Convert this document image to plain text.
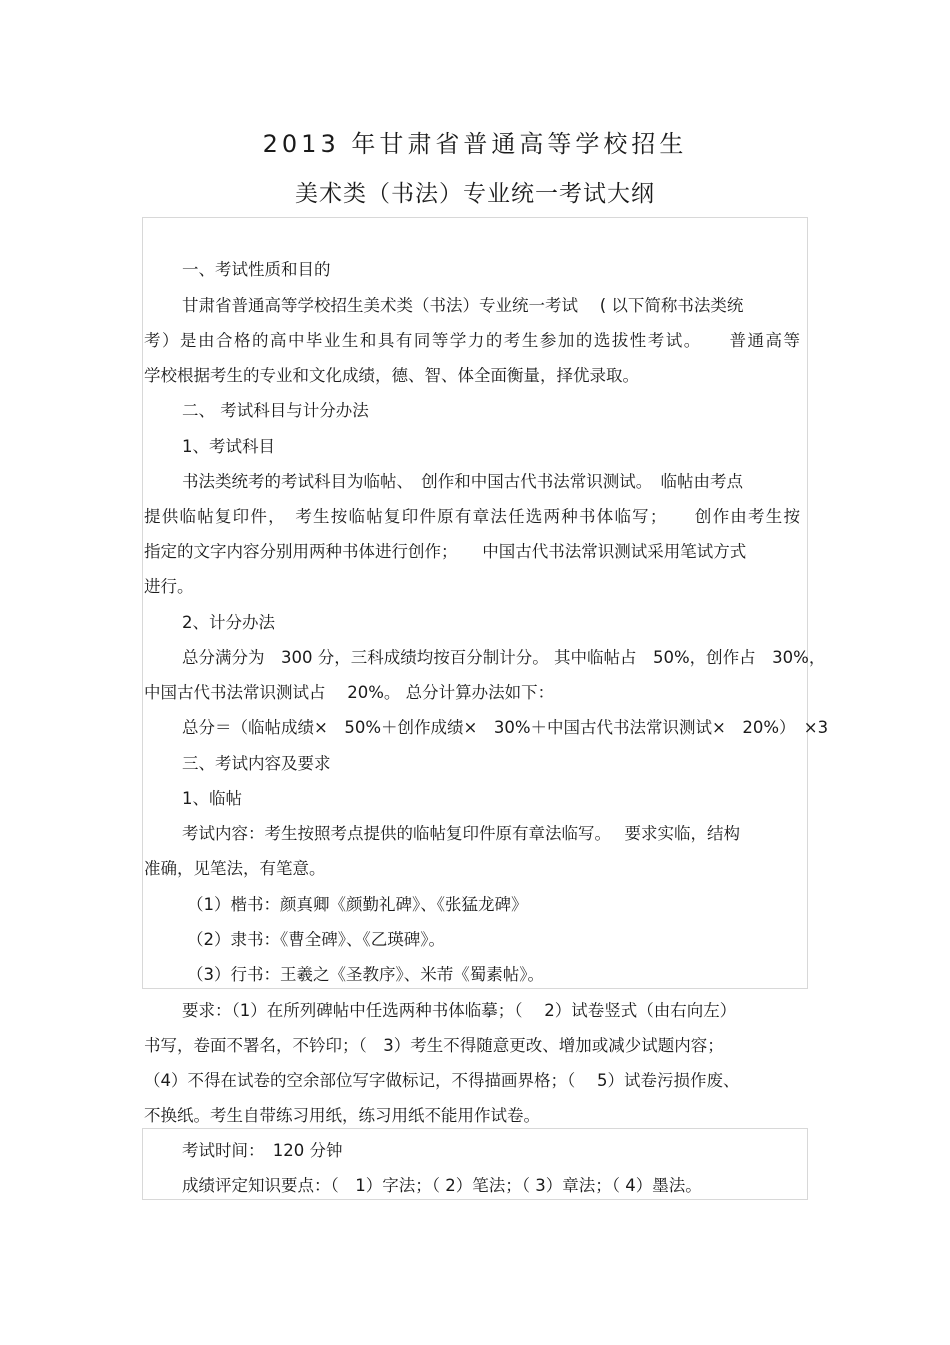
2013 年甘肃省普通高等学校招生
美术类（书法）专业统一考试大纲
一、考试性质和目的
甘肃省普通高等学校招生美术类（书法）专业统一考试　 ( 以下简称书法类统
考）是由合格的高中毕业生和具有同等学力的考生参加的选拔性考试。　　普通高等
学校根据考生的专业和文化成绩，德、智、体全面衡量，择优录取。
二、 考试科目与计分办法
1、考试科目
书法类统考的考试科目为临帖、　创作和中国古代书法常识测试。　临帖由考点
提供临帖复印件，　考生按临帖复印件原有章法任选两种书体临写；　　创作由考生按
指定的文字内容分别用两种书体进行创作；　　中国古代书法常识测试采用笔试方式
进行。
2、计分办法
总分满分为　300 分，三科成绩均按百分制计分。 其中临帖占　50%，创作占　30%，
中国古代书法常识测试占　 20%。 总分计算办法如下：
总分＝（临帖成绩×　50%＋创作成绩×　30%＋中国古代书法常识测试×　20%）　×3
三、考试内容及要求
1、临帖
考试内容：考生按照考点提供的临帖复印件原有章法临写。　 要求实临，结构
准确，见笔法，有笔意。
（1）楷书：颜真卿《颜勤礼碑》、《张猛龙碑》
（2）隶书：《曹全碑》、《乙瑛碑》。
（3）行书：王羲之《圣教序》、米芾《蜀素帖》。
要求：（1）在所列碑帖中任选两种书体临摹；（　 2）试卷竖式（由右向左）
书写，卷面不署名，不钤印；（　3）考生不得随意更改、增加或减少试题内容；
（4）不得在试卷的空余部位写字做标记，不得描画界格；（　 5）试卷污损作废、
不换纸。考生自带练习用纸，练习用纸不能用作试卷。
考试时间：　120 分钟
成绩评定知识要点：（　1）字法；（ 2）笔法；（ 3）章法；（ 4）墨法。
